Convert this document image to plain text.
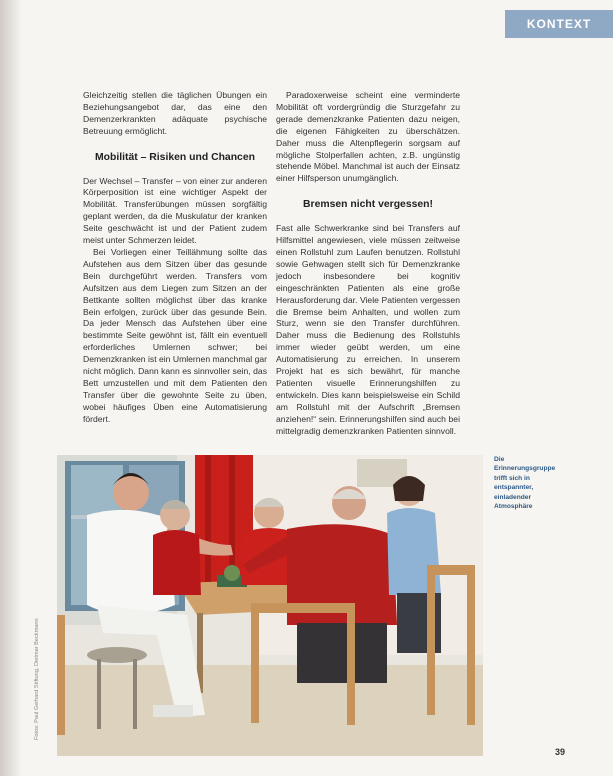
KONTEXT

Gleichzeitig stellen die täglichen Übungen ein Beziehungsangebot dar, das eine den Demenzerkrankten adäquate psychische Betreuung ermöglicht.

Mobilität – Risiken und Chancen

Der Wechsel – Transfer – von einer zur anderen Körperposition ist eine wichtiger Aspekt der Mobilität. Transferübungen müssen sorgfältig geplant werden, da die Muskulatur der kranken Seite geschwächt ist und der Patient zudem meist unter Schmerzen leidet.

Bei Vorliegen einer Teillähmung sollte das Aufstehen aus dem Sitzen über das gesunde Bein durchgeführt werden. Transfers vom Aufsitzen aus dem Liegen zum Sitzen an der Bettkante sollten möglichst über das kranke Bein erfolgen, zurück über das gesunde Bein. Da jeder Mensch das Aufstehen über eine bestimmte Seite gewöhnt ist, fällt ein eventuell erforderliches Umlernen schwer; bei Demenzkranken ist ein Umlernen manchmal gar nicht möglich. Dann kann es sinnvoller sein, das Bett umzustellen und mit dem Patienten den Transfer über die gewohnte Seite zu üben, wobei häufiges Üben eine Automatisierung fördert.

Paradoxerweise scheint eine verminderte Mobilität oft vordergründig die Sturzgefahr zu gerade demenzkranke Patienten dazu neigen, die eigenen Fähigkeiten zu überschätzen. Daher muss die Altenpflegerin sorgsam auf mögliche Stolperfallen achten, z.B. ungünstig stehende Möbel. Manchmal ist auch der Einsatz einer Hilfsperson unumgänglich.

Bremsen nicht vergessen!

Fast alle Schwerkranke sind bei Transfers auf Hilfsmittel angewiesen, viele müssen zeitweise einen Rollstuhl zum Laufen benutzen. Rollstuhl sowie Gehwagen stellt sich für Demenzkranke jedoch insbesondere bei kognitiv eingeschränkten Patienten als eine große Herausforderung dar. Viele Patienten vergessen die Bremse beim Anhalten, und wollen zum Sturz, wenn sie den Transfer durchführen. Daher muss die Bedienung des Rollstuhls immer wieder geübt werden, um eine Automatisierung zu erreichen. In unserem Projekt hat es sich bewährt, für manche Patienten visuelle Erinnerungshilfen zu entwickeln. Dies kann beispielsweise ein Schild am Rollstuhl mit der Aufschrift „Bremsen anziehen!“ sein. Erinnerungshilfen sind auch bei mittelgradig demenzkranken Patienten sinnvoll.

Die Erinnerungsgruppe trifft sich in entspannter, einladender Atmosphäre
Fotos: Paul Gerhard Stiftung, Dietmar Beckmann
39
